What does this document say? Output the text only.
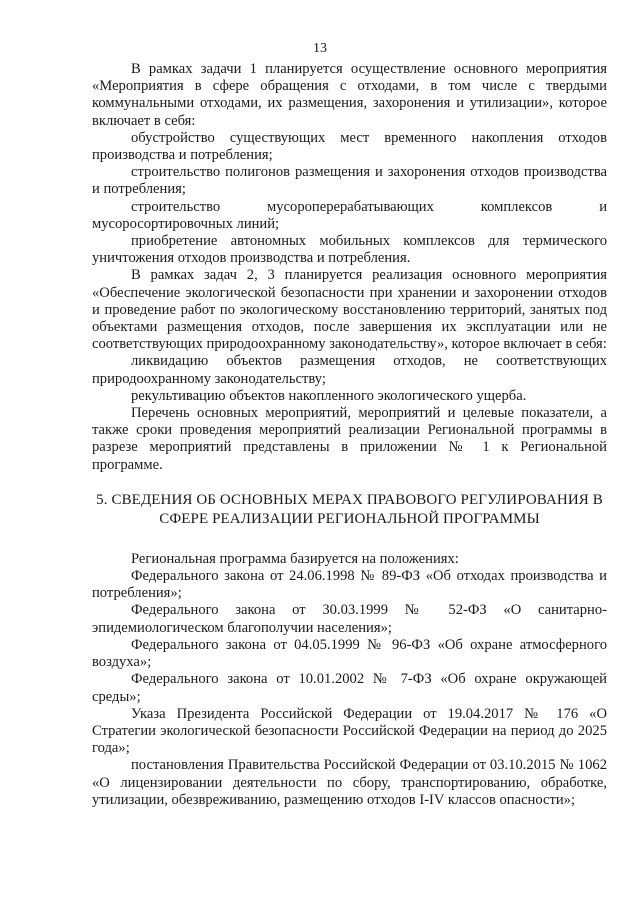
13

В рамках задачи 1 планируется осуществление основного мероприятия «Мероприятия в сфере обращения с отходами, в том числе с твердыми коммунальными отходами, их размещения, захоронения и утилизации», которое включает в себя:

обустройство существующих мест временного накопления отходов производства и потребления;

строительство полигонов размещения и захоронения отходов производства и потребления;

строительство мусороперерабатывающих комплексов и мусоросортировочных линий;

приобретение автономных мобильных комплексов для термического уничтожения отходов производства и потребления.

В рамках задач 2, 3 планируется реализация основного мероприятия «Обеспечение экологической безопасности при хранении и захоронении отходов и проведение работ по экологическому восстановлению территорий, занятых под объектами размещения отходов, после завершения их эксплуатации или не соответствующих природоохранному законодательству», которое включает в себя:

ликвидацию объектов размещения отходов, не соответствующих природоохранному законодательству;

рекультивацию объектов накопленного экологического ущерба.

Перечень основных мероприятий, мероприятий и целевые показатели, а также сроки проведения мероприятий реализации Региональной программы в разрезе мероприятий представлены в приложении № 1 к Региональной программе.

5. СВЕДЕНИЯ ОБ ОСНОВНЫХ МЕРАХ ПРАВОВОГО РЕГУЛИРОВАНИЯ В СФЕРЕ РЕАЛИЗАЦИИ РЕГИОНАЛЬНОЙ ПРОГРАММЫ

Региональная программа базируется на положениях:

Федерального закона от 24.06.1998 № 89-ФЗ «Об отходах производства и потребления»;

Федерального закона от 30.03.1999 № 52-ФЗ «О санитарно-эпидемиологическом благополучии населения»;

Федерального закона от 04.05.1999 № 96-ФЗ «Об охране атмосферного воздуха»;

Федерального закона от 10.01.2002 № 7-ФЗ «Об охране окружающей среды»;

Указа Президента Российской Федерации от 19.04.2017 № 176 «О Стратегии экологической безопасности Российской Федерации на период до 2025 года»;

постановления Правительства Российской Федерации от 03.10.2015 № 1062 «О лицензировании деятельности по сбору, транспортированию, обработке, утилизации, обезвреживанию, размещению отходов I-IV классов опасности»;
